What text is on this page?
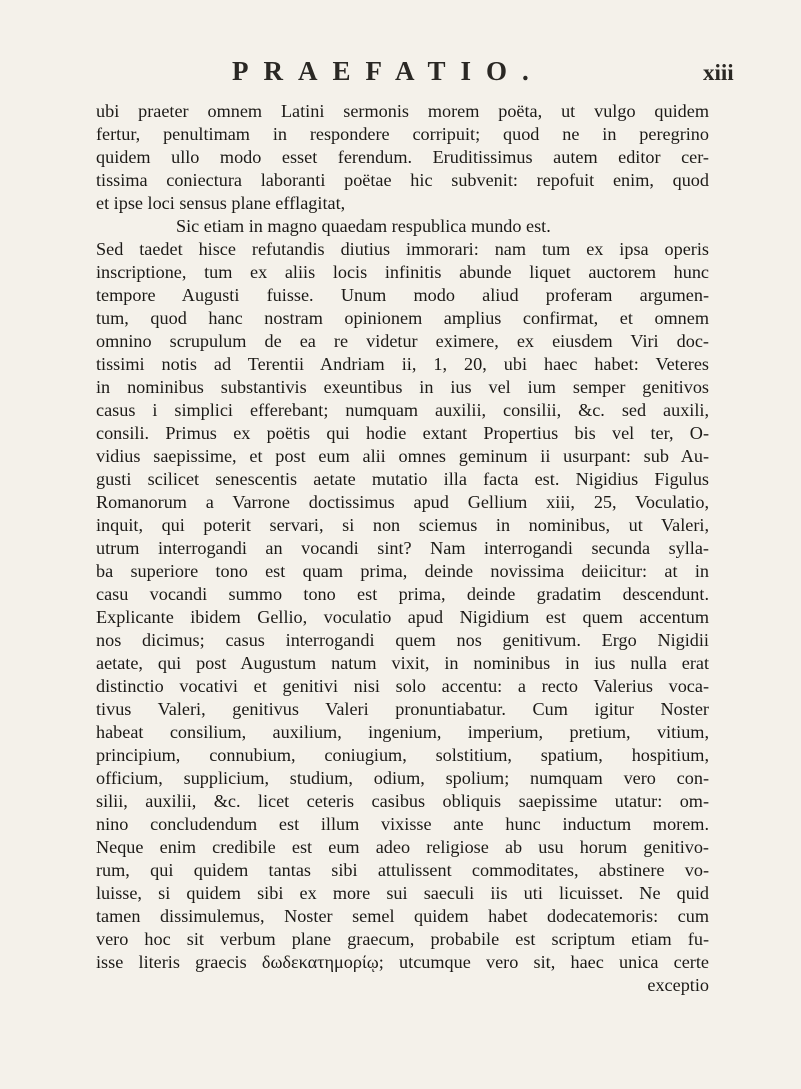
PRAEFATIO.	xiii
ubi praeter omnem Latini sermonis morem poëta, ut vulgo quidem
fertur, penultimam in respondere corripuit; quod ne in peregrino
quidem ullo modo esset ferendum. Eruditissimus autem editor cer-
tissima coniectura laboranti poëtae hic subvenit: repofuit enim, quod
et ipse loci sensus plane efflagitat,
Sic etiam in magno quaedam respublica mundo est.
Sed taedet hisce refutandis diutius immorari: nam tum ex ipsa operis
inscriptione, tum ex aliis locis infinitis abunde liquet auctorem hunc
tempore Augusti fuisse. Unum modo aliud proferam argumen-
tum, quod hanc nostram opinionem amplius confirmat, et omnem
omnino scrupulum de ea re videtur eximere, ex eiusdem Viri doc-
tissimi notis ad Terentii Andriam ii, 1, 20, ubi haec habet: Veteres
in nominibus substantivis exeuntibus in ius vel ium semper genitivos
casus i simplici efferebant; numquam auxilii, consilii, &c. sed auxili,
consili. Primus ex poëtis qui hodie extant Propertius bis vel ter, O-
vidius saepissime, et post eum alii omnes geminum ii usurpant: sub Au-
gusti scilicet senescentis aetate mutatio illa facta est. Nigidius Figulus
Romanorum a Varrone doctissimus apud Gellium xiii, 25, Voculatio,
inquit, qui poterit servari, si non sciemus in nominibus, ut Valeri,
utrum interrogandi an vocandi sint? Nam interrogandi secunda sylla-
ba superiore tono est quam prima, deinde novissima deiicitur: at in
casu vocandi summo tono est prima, deinde gradatim descendunt.
Explicante ibidem Gellio, voculatio apud Nigidium est quem accentum
nos dicimus; casus interrogandi quem nos genitivum. Ergo Nigidii
aetate, qui post Augustum natum vixit, in nominibus in ius nulla erat
distinctio vocativi et genitivi nisi solo accentu: a recto Valerius voca-
tivus Valeri, genitivus Valeri pronuntiabatur. Cum igitur Noster
habeat consilium, auxilium, ingenium, imperium, pretium, vitium,
principium, connubium, coniugium, solstitium, spatium, hospitium,
officium, supplicium, studium, odium, spolium; numquam vero con-
silii, auxilii, &c. licet ceteris casibus obliquis saepissime utatur: om-
nino concludendum est illum vixisse ante hunc inductum morem.
Neque enim credibile est eum adeo religiose ab usu horum genitivo-
rum, qui quidem tantas sibi attulissent commoditates, abstinere vo-
luisse, si quidem sibi ex more sui saeculi iis uti licuisset. Ne quid
tamen dissimulemus, Noster semel quidem habet dodecatemoris: cum
vero hoc sit verbum plane graecum, probabile est scriptum etiam fu-
isse literis graecis δωδεκατημορίῳ; utcumque vero sit, haec unica certe
exceptio
